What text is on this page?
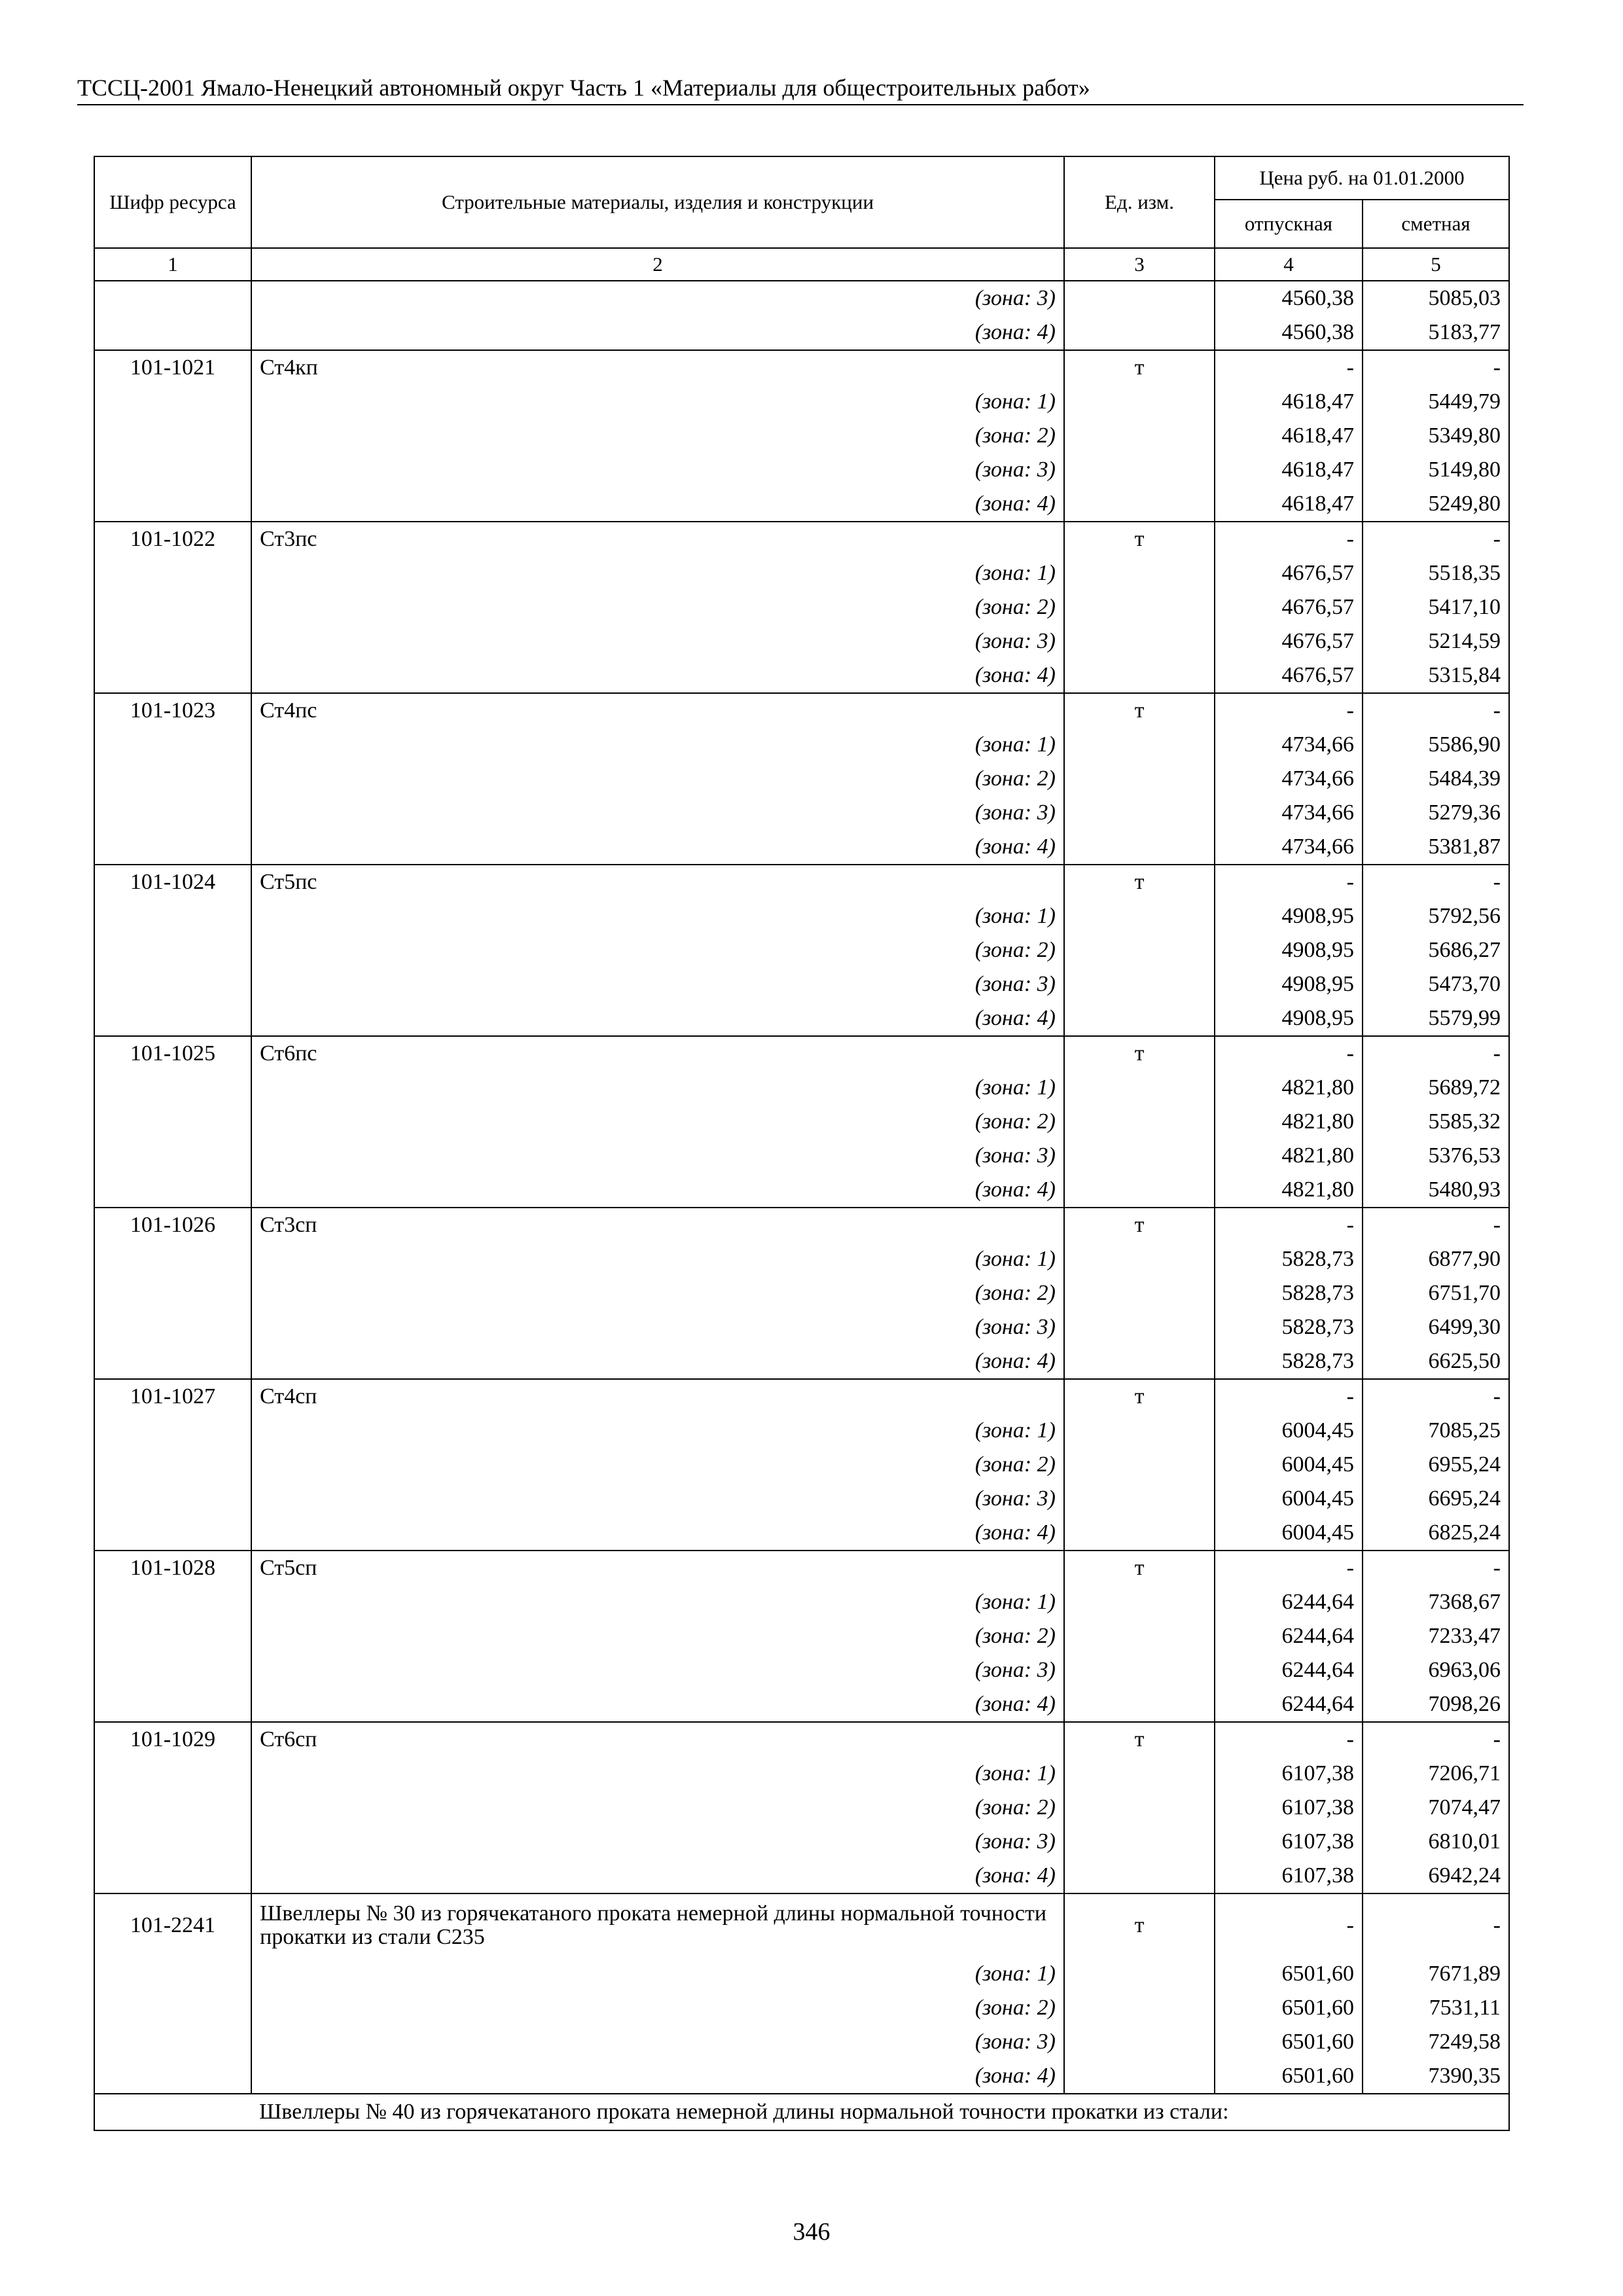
ТССЦ-2001 Ямало-Ненецкий автономный округ Часть 1 «Материалы для общестроительных работ»
Шифр ресурса	Строительные материалы, изделия и конструкции	Ед. изм.	Цена руб. на 01.01.2000	
			отпускная	сметная
1	2	3	4	5
	(зона: 3)		4560,38	5085,03
	(зона: 4)		4560,38	5183,77
101-1021	Ст4кп	т	-	-
	(зона: 1)		4618,47	5449,79
	(зона: 2)		4618,47	5349,80
	(зона: 3)		4618,47	5149,80
	(зона: 4)		4618,47	5249,80
101-1022	Ст3пс	т	-	-
	(зона: 1)		4676,57	5518,35
	(зона: 2)		4676,57	5417,10
	(зона: 3)		4676,57	5214,59
	(зона: 4)		4676,57	5315,84
101-1023	Ст4пс	т	-	-
	(зона: 1)		4734,66	5586,90
	(зона: 2)		4734,66	5484,39
	(зона: 3)		4734,66	5279,36
	(зона: 4)		4734,66	5381,87
101-1024	Ст5пс	т	-	-
	(зона: 1)		4908,95	5792,56
	(зона: 2)		4908,95	5686,27
	(зона: 3)		4908,95	5473,70
	(зона: 4)		4908,95	5579,99
101-1025	Ст6пс	т	-	-
	(зона: 1)		4821,80	5689,72
	(зона: 2)		4821,80	5585,32
	(зона: 3)		4821,80	5376,53
	(зона: 4)		4821,80	5480,93
101-1026	Ст3сп	т	-	-
	(зона: 1)		5828,73	6877,90
	(зона: 2)		5828,73	6751,70
	(зона: 3)		5828,73	6499,30
	(зона: 4)		5828,73	6625,50
101-1027	Ст4сп	т	-	-
	(зона: 1)		6004,45	7085,25
	(зона: 2)		6004,45	6955,24
	(зона: 3)		6004,45	6695,24
	(зона: 4)		6004,45	6825,24
101-1028	Ст5сп	т	-	-
	(зона: 1)		6244,64	7368,67
	(зона: 2)		6244,64	7233,47
	(зона: 3)		6244,64	6963,06
	(зона: 4)		6244,64	7098,26
101-1029	Ст6сп	т	-	-
	(зона: 1)		6107,38	7206,71
	(зона: 2)		6107,38	7074,47
	(зона: 3)		6107,38	6810,01
	(зона: 4)		6107,38	6942,24
101-2241	Швеллеры № 30 из горячекатаного проката немерной длины нормальной точности прокатки из стали С235	т	-	-
	(зона: 1)		6501,60	7671,89
	(зона: 2)		6501,60	7531,11
	(зона: 3)		6501,60	7249,58
	(зона: 4)		6501,60	7390,35
	Швеллеры № 40 из горячекатаного проката немерной длины нормальной точности прокатки из стали:			
346
